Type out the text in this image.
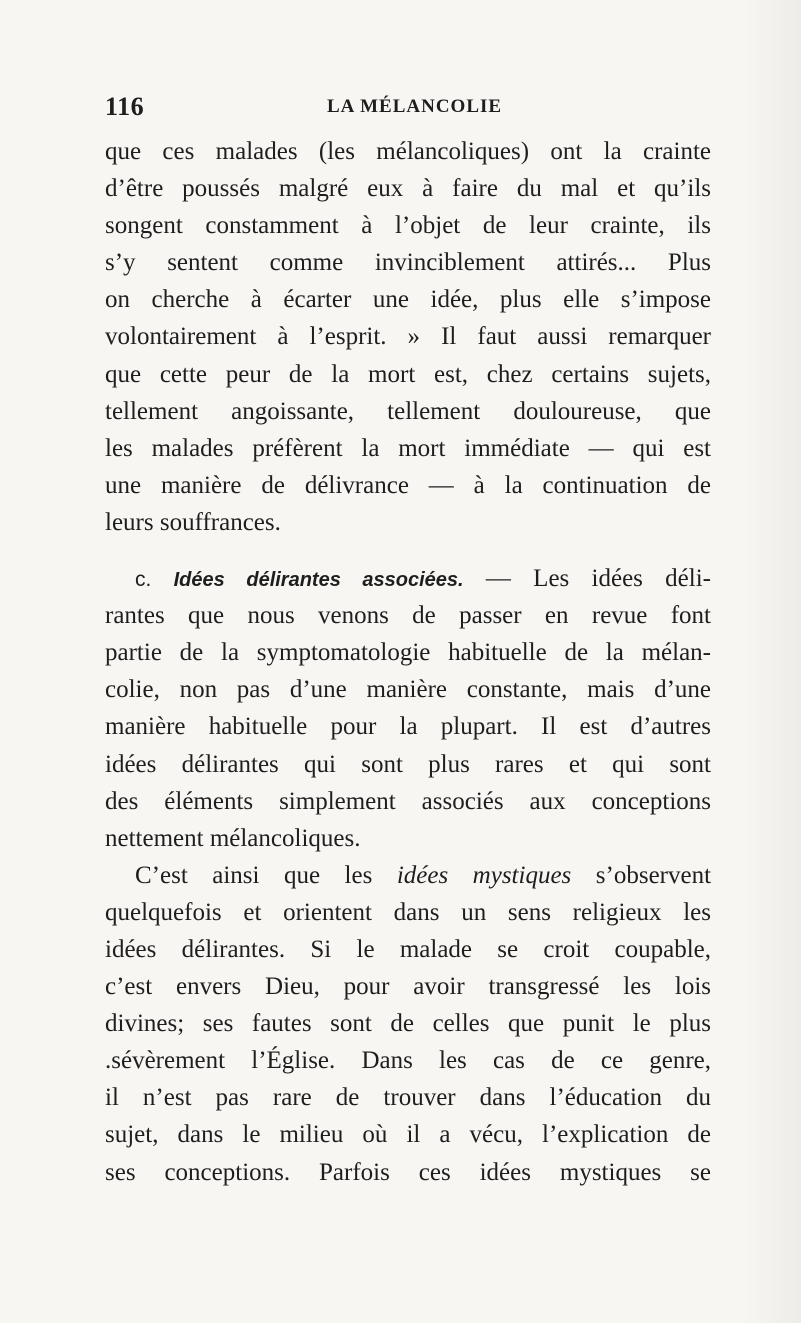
116	LA MÉLANCOLIE
que ces malades (les mélancoliques) ont la crainte
d’être poussés malgré eux à faire du mal et qu’ils
songent constamment à l’objet de leur crainte, ils
s’y sentent comme invinciblement attirés... Plus
on cherche à écarter une idée, plus elle s’impose
volontairement à l’esprit. » Il faut aussi remarquer
que cette peur de la mort est, chez certains sujets,
tellement angoissante, tellement douloureuse, que
les malades préfèrent la mort immédiate — qui est
une manière de délivrance — à la continuation de
leurs souffrances.
c. Idées délirantes associées. — Les idées déli-
rantes que nous venons de passer en revue font
partie de la symptomatologie habituelle de la mélan-
colie, non pas d’une manière constante, mais d’une
manière habituelle pour la plupart. Il est d’autres
idées délirantes qui sont plus rares et qui sont
des éléments simplement associés aux conceptions
nettement mélancoliques.
C’est ainsi que les idées mystiques s’observent
quelquefois et orientent dans un sens religieux les
idées délirantes. Si le malade se croit coupable,
c’est envers Dieu, pour avoir transgressé les lois
divines; ses fautes sont de celles que punit le plus
.sévèrement l’Église. Dans les cas de ce genre,
il n’est pas rare de trouver dans l’éducation du
sujet, dans le milieu où il a vécu, l’explication de
ses conceptions. Parfois ces idées mystiques se
